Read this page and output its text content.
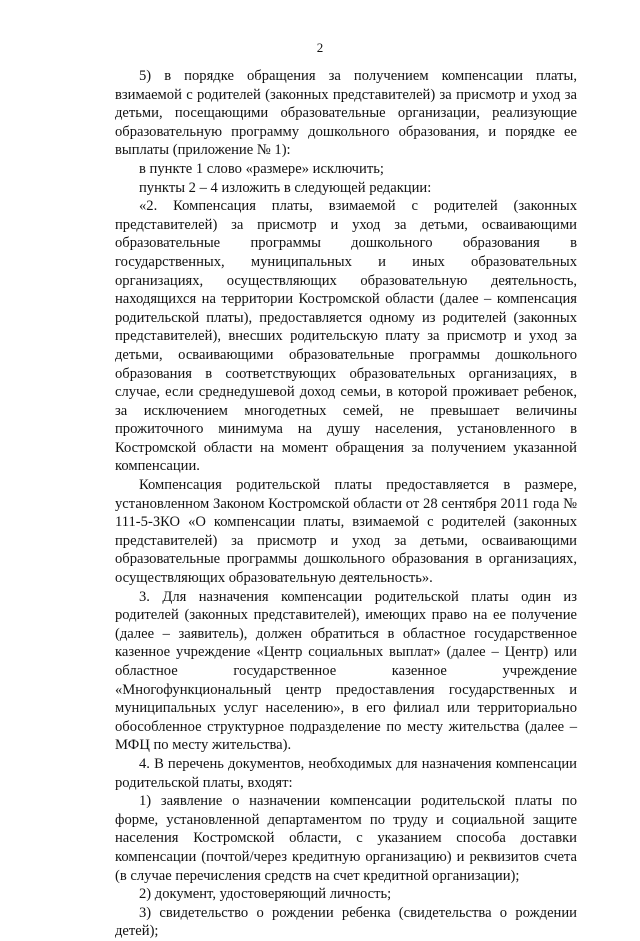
2

5) в порядке обращения за получением компенсации платы, взимаемой с родителей (законных представителей) за присмотр и уход за детьми, посещающими образовательные организации, реализующие образовательную программу дошкольного образования, и порядке ее выплаты (приложение № 1):

в пункте 1 слово «размере» исключить;

пункты 2 – 4 изложить в следующей редакции:

«2. Компенсация платы, взимаемой с родителей (законных представителей) за присмотр и уход за детьми, осваивающими образовательные программы дошкольного образования в государственных, муниципальных и иных образовательных организациях, осуществляющих образовательную деятельность, находящихся на территории Костромской области (далее – компенсация родительской платы), предоставляется одному из родителей (законных представителей), внесших родительскую плату за присмотр и уход за детьми, осваивающими образовательные программы дошкольного образования в соответствующих образовательных организациях, в случае, если среднедушевой доход семьи, в которой проживает ребенок, за исключением многодетных семей, не превышает величины прожиточного минимума на душу населения, установленного в Костромской области на момент обращения за получением указанной компенсации.

Компенсация родительской платы предоставляется в размере, установленном Законом Костромской области от 28 сентября 2011 года № 111-5-ЗКО «О компенсации платы, взимаемой с родителей (законных представителей) за присмотр и уход за детьми, осваивающими образовательные программы дошкольного образования в организациях, осуществляющих образовательную деятельность».

3. Для назначения компенсации родительской платы один из родителей (законных представителей), имеющих право на ее получение (далее – заявитель), должен обратиться в областное государственное казенное учреждение «Центр социальных выплат» (далее – Центр) или областное государственное казенное учреждение «Многофункциональный центр предоставления государственных и муниципальных услуг населению», в его филиал или территориально обособленное структурное подразделение по месту жительства (далее – МФЦ по месту жительства).

4. В перечень документов, необходимых для назначения компенсации родительской платы, входят:

1) заявление о назначении компенсации родительской платы по форме, установленной департаментом по труду и социальной защите населения Костромской области, с указанием способа доставки компенсации (почтой/через кредитную организацию) и реквизитов счета (в случае перечисления средств на счет кредитной организации);

2) документ, удостоверяющий личность;

3) свидетельство о рождении ребенка (свидетельства о рождении детей);
